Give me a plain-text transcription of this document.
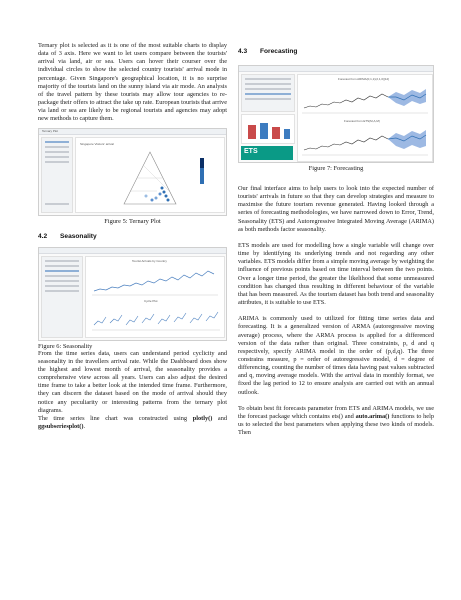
Ternary plot is selected as it is one of the most suitable charts to display data of 3 axis. Here we want to let users compare between the tourists' arrival via land, air or sea. Users can hover their courser over the individual circles to show the selected country tourists' arrival mode in percentage. Given Singapore's geographical location, it is no surprise majority of the tourists land on the sunny island via air mode. An analysis of the travel pattern by these tourists may allow tour agencies to re-package their offers to attract the take up rate. European tourists that arrive via land or sea are likely to be regional tourists and agencies may adopt new methods to capture them.

Ternary Plot
Singapore Visitors' arrival
Figure 5: Ternary Plot
4.2 Seasonality
Tourist Arrivals by Country
Cycle Plot
Figure 6: Seasonality

From the time series data, users can understand period cyclicity and seasonality in the travellers arrival rate. While the Dashboard does show the highest and lowest month of arrival, the seasonality provides a comprehensive view across all years. Users can also adjust the desired time frame to take a better look at the intended time frame. Furthermore, they can discern the dataset based on the mode of arrival should they notice any peculiarity or interesting patterns from the ternary plot diagrams.

The time series line chart was constructed using plotly() and ggsubseriesplot().

4.3 Forecasting
ETS
Forecast from ARIMA(0,1,1)(2,1,0)[12]
Forecast from ETS(M,A,M)
Figure 7: Forecasting

Our final interface aims to help users to look into the expected number of tourists' arrivals in future so that they can develop strategies and measure to maximise the future tourism revenue generated. Having looked through a series of forecasting methodologies, we have narrowed down to Error, Trend, Seasonality (ETS) and Autoregressive Integrated Moving Average (ARIMA) as both methods factor seasonality.

ETS models are used for modelling how a single variable will change over time by identifying its underlying trends and not regarding any other variables. ETS models differ from a simple moving average by weighting the influence of previous points based on time interval between the two points. Over a longer time period, the greater the likelihood that some unmeasured condition has changed thus resulting in different behaviour of the variable that has been measured. As the tourism dataset has both trend and seasonality attributes, it is suitable to use ETS.

ARIMA is commonly used to utilized for fitting time series data and forecasting. It is a generalized version of ARMA (autoregressive moving average) process, where the ARMA process is applied for a differenced version of the data rather than original. Three constraints, p, d and q respectively, specify ARIMA model in the order of (p,d,q). The three constrains measure, p = order of autoregressive model, d = degree of differencing, counting the number of times data having past values subtracted and q, moving average models. With the arrival data in monthly format, we fixed the lag period to 12 to ensure analysis are carried out with an annual outlook.

To obtain best fit forecasts parameter from ETS and ARIMA models, we use the forecast package which contains ets() and auto.arima() functions to help us to selected the best parameters when applying these two kinds of models. Then
